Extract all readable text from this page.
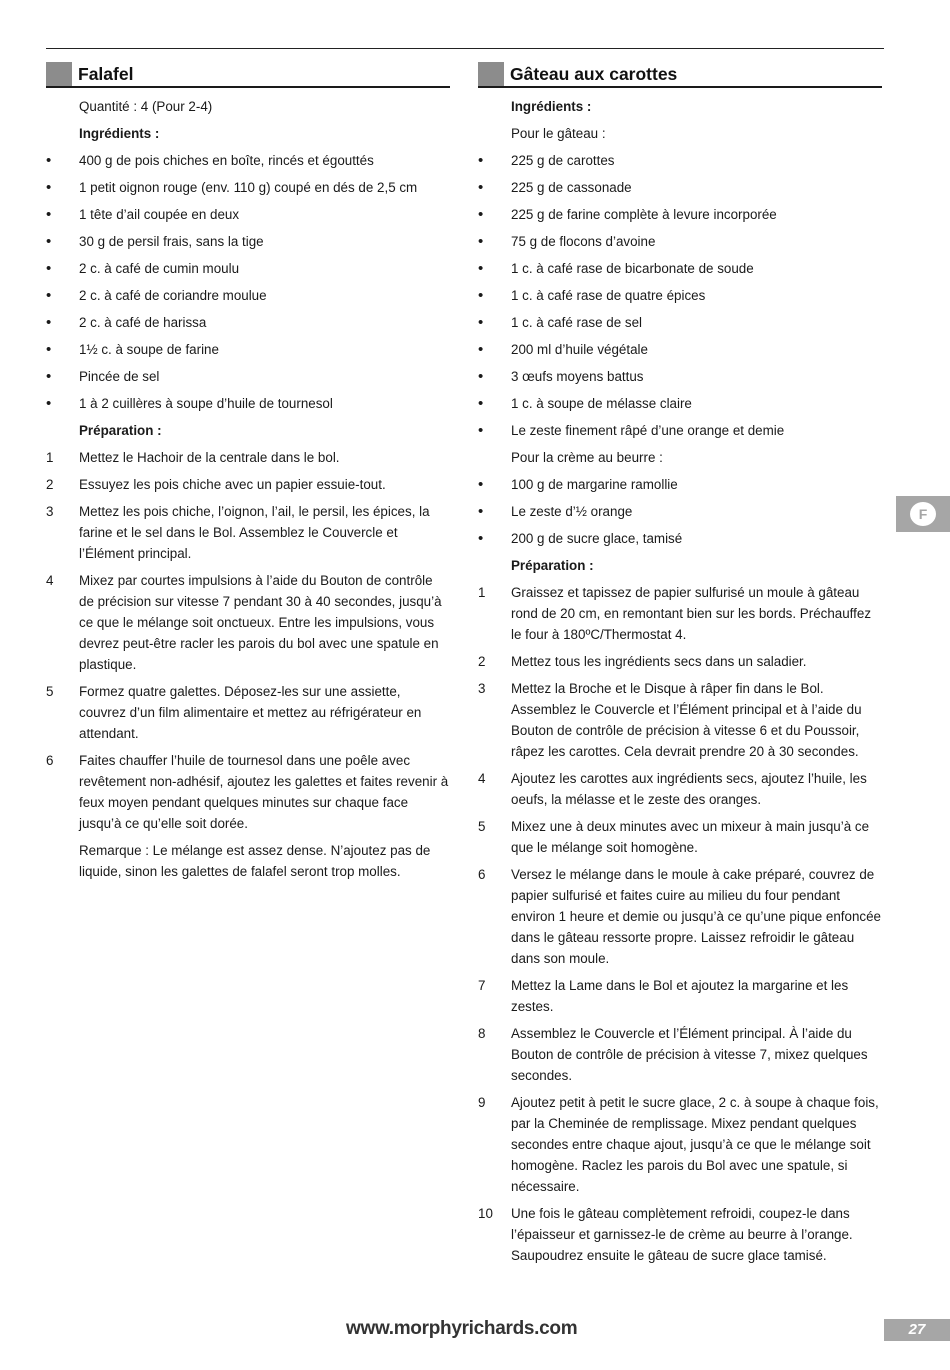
Falafel
Quantité : 4 (Pour 2-4)
Ingrédients :
•	400 g de pois chiches en boîte, rincés et égouttés
•	1 petit oignon rouge (env. 110 g) coupé en dés de 2,5 cm
•	1 tête d’ail coupée en deux
•	30 g de persil frais, sans la tige
•	2 c. à café de cumin moulu
•	2 c. à café de coriandre moulue
•	2 c. à café de harissa
•	1½ c. à soupe de farine
•	Pincée de sel
•	1 à 2 cuillères à soupe d’huile de tournesol
Préparation :
1	Mettez le Hachoir de la centrale dans le bol.
2	Essuyez les pois chiche avec un papier essuie-tout.
3	Mettez les pois chiche, l’oignon, l’ail, le persil, les épices, la farine et le sel dans le Bol. Assemblez le Couvercle et l’Élément principal.
4	Mixez par courtes impulsions à l’aide du Bouton de contrôle de précision sur vitesse 7 pendant 30 à 40 secondes, jusqu’à ce que le mélange soit onctueux. Entre les impulsions, vous devrez peut-être racler les parois du bol avec une spatule en plastique.
5	Formez quatre galettes. Déposez-les sur une assiette, couvrez d’un film alimentaire et mettez au réfrigérateur en attendant.
6	Faites chauffer l’huile de tournesol dans une poêle avec revêtement non-adhésif, ajoutez les galettes et faites revenir à feux moyen pendant quelques minutes sur chaque face jusqu’à ce qu’elle soit dorée.
Remarque : Le mélange est assez dense. N’ajoutez pas de liquide, sinon les galettes de falafel seront trop molles.
Gâteau aux carottes
Ingrédients :
Pour le gâteau :
•	225 g de carottes
•	225 g de cassonade
•	225 g de farine complète à levure incorporée
•	75 g de flocons d’avoine
•	1 c. à café rase de bicarbonate de soude
•	1 c. à café rase de quatre épices
•	1 c. à café rase de sel
•	200 ml d’huile végétale
•	3 œufs moyens battus
•	1 c. à soupe de mélasse claire
•	Le zeste finement râpé d’une orange et demie
Pour la crème au beurre :
•	100 g de margarine ramollie
•	Le zeste d’½ orange
•	200 g de sucre glace, tamisé
Préparation :
1	Graissez et tapissez de papier sulfurisé un moule à gâteau rond de 20 cm, en remontant bien sur les bords. Préchauffez le four à 180ºC/Thermostat 4.
2	Mettez tous les ingrédients secs dans un saladier.
3	Mettez la Broche et le Disque à râper fin dans le Bol. Assemblez le Couvercle et l’Élément principal et à l’aide du Bouton de contrôle de précision à vitesse 6 et du Poussoir, râpez les carottes. Cela devrait prendre 20 à 30 secondes.
4	Ajoutez les carottes aux ingrédients secs, ajoutez l’huile, les oeufs, la mélasse et le zeste des oranges.
5	Mixez une à deux minutes avec un mixeur à main jusqu’à ce que le mélange soit homogène.
6	Versez le mélange dans le moule à cake préparé, couvrez de papier sulfurisé et faites cuire au milieu du four pendant environ 1 heure et demie ou jusqu’à ce qu’une pique enfoncée dans le gâteau ressorte propre. Laissez refroidir le gâteau dans son moule.
7	Mettez la Lame dans le Bol et ajoutez la margarine et les zestes.
8	Assemblez le Couvercle et l’Élément principal. À l’aide du Bouton de contrôle de précision à vitesse 7, mixez quelques secondes.
9	Ajoutez petit à petit le sucre glace, 2 c. à soupe à chaque fois, par la Cheminée de remplissage. Mixez pendant quelques secondes entre chaque ajout, jusqu’à ce que le mélange soit homogène. Raclez les parois du Bol avec une spatule, si nécessaire.
10	Une fois le gâteau complètement refroidi, coupez-le dans l’épaisseur et garnissez-le de crème au beurre à l’orange. Saupoudrez ensuite le gâteau de sucre glace tamisé.
F
www.morphyrichards.com	27
